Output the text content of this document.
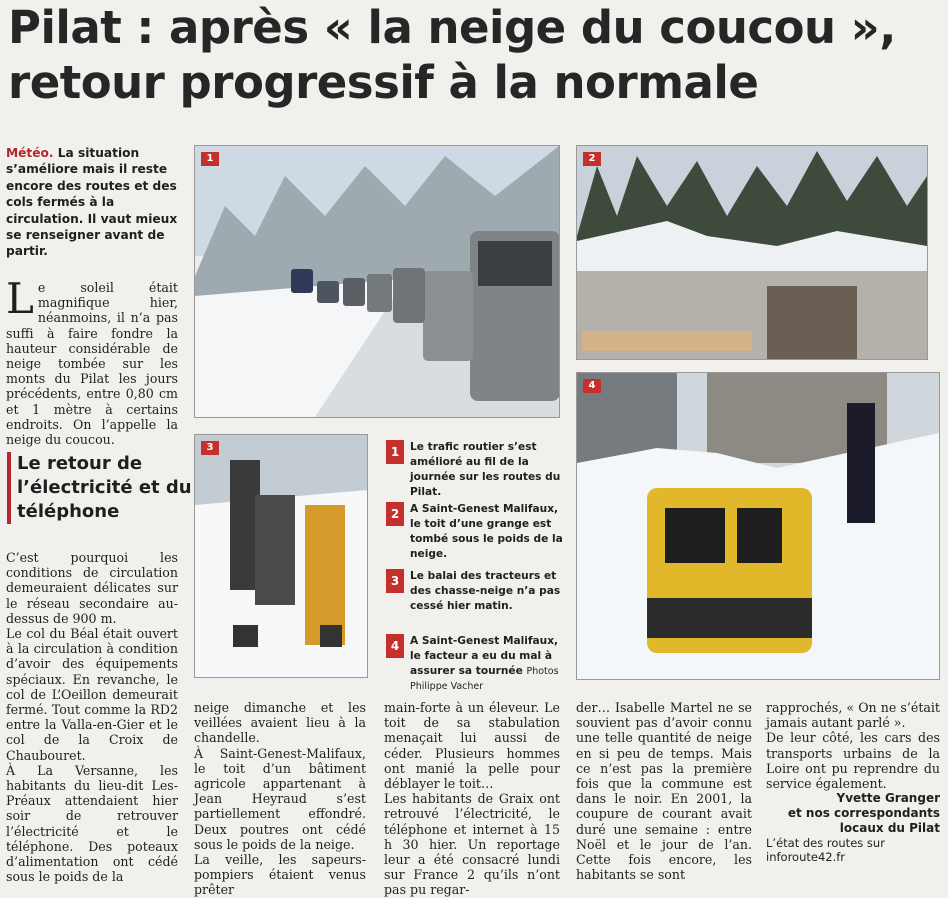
Pilat : après « la neige du coucou », retour progressif à la normale
Météo. La situation s’améliore mais il reste encore des routes et des cols fermés à la circulation. Il vaut mieux se renseigner avant de partir.
L e soleil était magnifique hier, néanmoins, il n’a pas suffi à faire fondre la hauteur considérable de neige tombée sur les monts du Pilat les jours précédents, entre 0,80 cm et 1 mètre à certains endroits. On l’appelle la neige du coucou.

Le retour de l’électricité et du téléphone
C’est pourquoi les conditions de circulation demeuraient délicates sur le réseau secondaire au-dessus de 900 m.
Le col du Béal était ouvert à la circulation à condition d’avoir des équipements spéciaux. En revanche, le col de L’Oeillon demeurait fermé. Tout comme la RD2 entre la Valla-en-Gier et le col de la Croix de Chaubouret.
À La Versanne, les habitants du lieu-dit Les-Préaux attendaient hier soir de retrouver l’électricité et le téléphone. Des poteaux d’alimentation ont cédé sous le poids de la
1	2
3
4
1	Le trafic routier s’est amélioré au fil de la journée sur les routes du Pilat.
2	A Saint-Genest Malifaux, le toit d’une grange est tombé sous le poids de la neige.
3	Le balai des tracteurs et des chasse-neige n’a pas cessé hier matin.
4	A Saint-Genest Malifaux, le facteur a eu du mal à assurer sa tournée Photos Philippe Vacher
neige dimanche et les veillées avaient lieu à la chandelle.
À Saint-Genest-Malifaux, le toit d’un bâtiment agricole appartenant à Jean Heyraud s’est partiellement effondré. Deux poutres ont cédé sous le poids de la neige.
La veille, les sapeurs-pompiers étaient venus prêter
main-forte à un éleveur. Le toit de sa stabulation menaçait lui aussi de céder. Plusieurs hommes ont manié la pelle pour déblayer le toit…
Les habitants de Graix ont retrouvé l’électricité, le téléphone et internet à 15 h 30 hier. Un reportage leur a été consacré lundi sur France 2 qu’ils n’ont pas pu regar-
der… Isabelle Martel ne se souvient pas d’avoir connu une telle quantité de neige en si peu de temps. Mais ce n’est pas la première fois que la commune est dans le noir. En 2001, la coupure de courant avait duré une semaine : entre Noël et le jour de l’an. Cette fois encore, les habitants se sont

rapprochés, « On ne s’était jamais autant parlé ».
De leur côté, les cars des transports urbains de la Loire ont pu reprendre du service également.

Yvette Granger

et nos correspondants locaux du Pilat

L’état des routes sur inforoute42.fr
